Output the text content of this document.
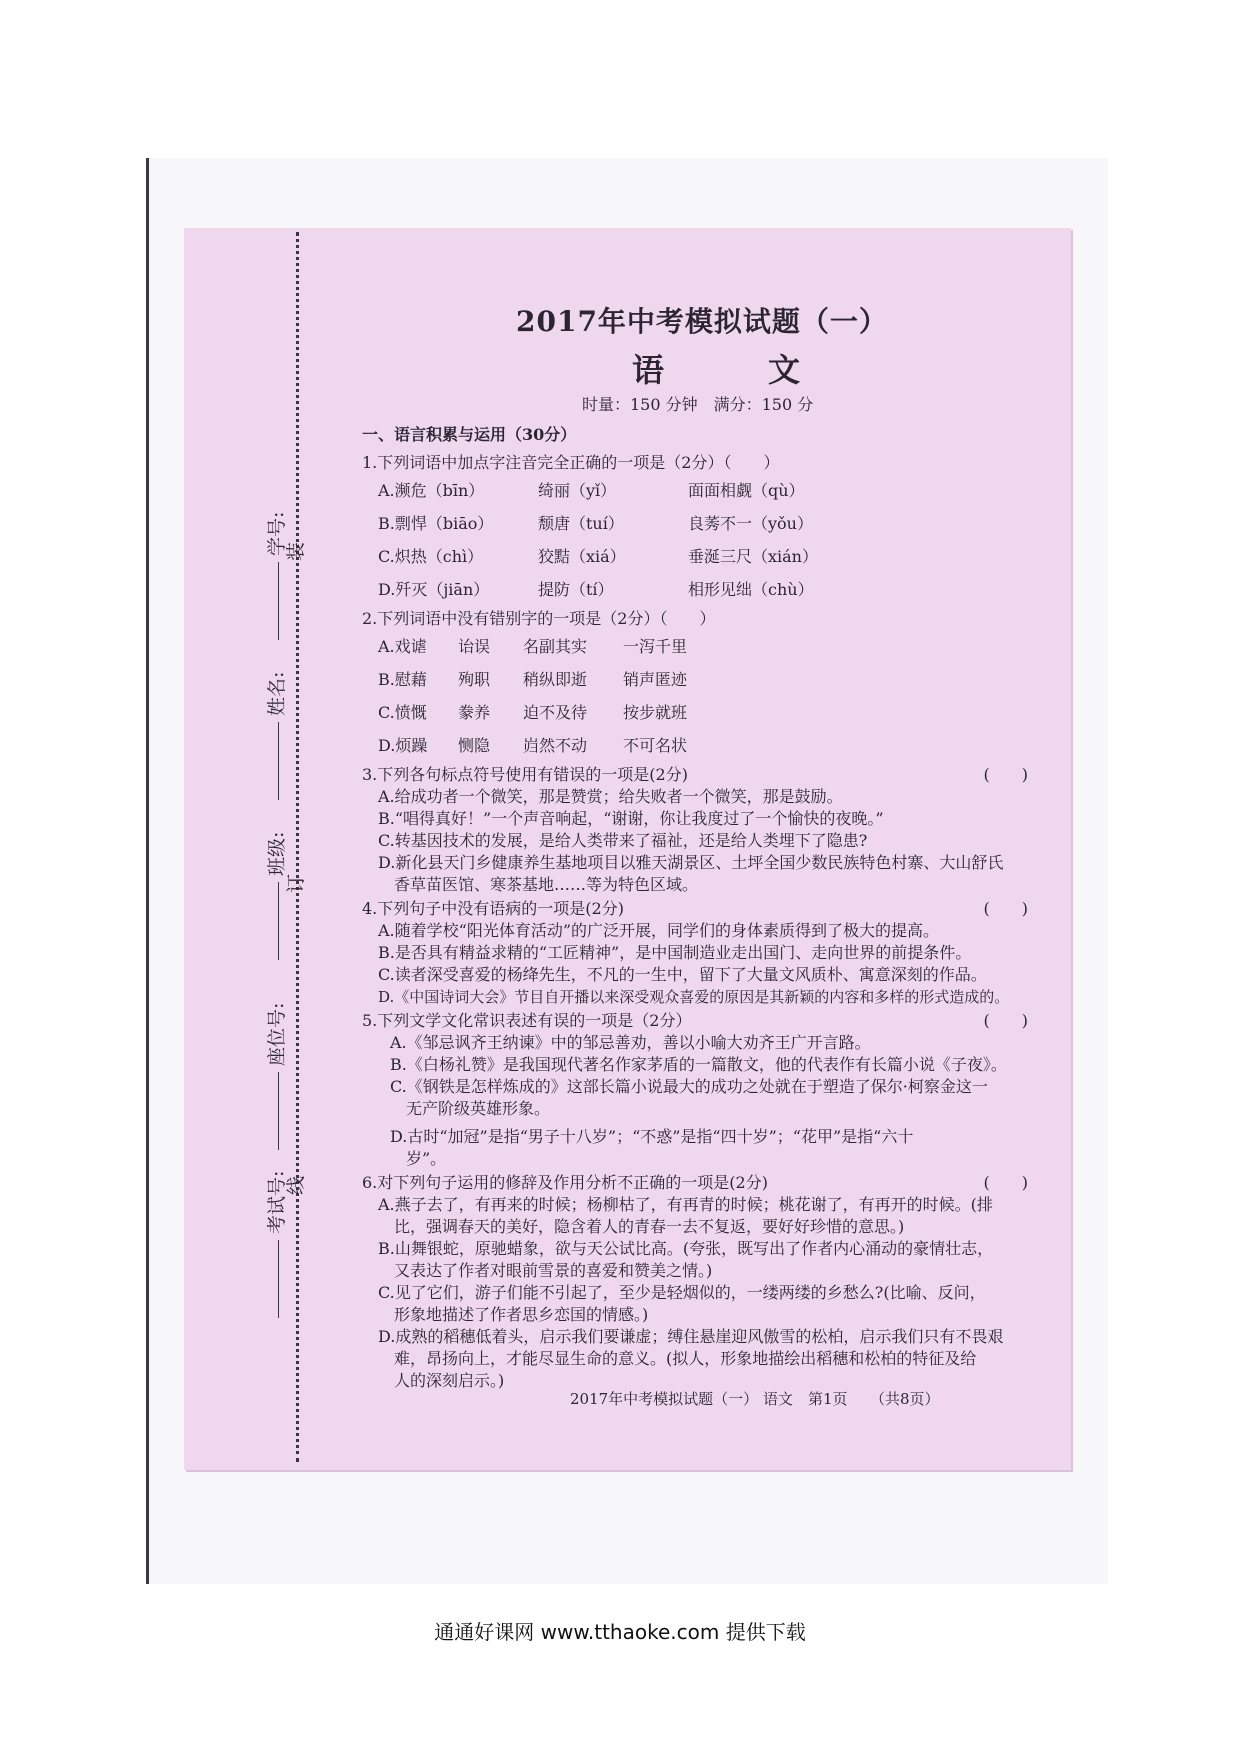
学号:
装
姓名:
订
班级:
座位号:
线
考试号:
2017年中考模拟试题（一）
语　文
时量：150 分钟　满分：150 分
一、语言积累与运用（30分）
1.下列词语中加点字注音完全正确的一项是（2分）（　　）
A.濒危（bīn）	绮丽（yǐ）	面面相觑（qù）
B.剽悍（biāo）	颓唐（tuí）	良莠不一（yǒu）
C.炽热（chì）	狡黠（xiá）	垂涎三尺（xián）
D.歼灭（jiān）	提防（tí）	相形见绌（chù）
2.下列词语中没有错别字的一项是（2分）（　　）
A.戏谑	诒误	名副其实	一泻千里
B.慰藉	殉职	稍纵即逝	销声匿迹
C.愤慨	豢养	迫不及待	按步就班
D.烦躁	恻隐	岿然不动	不可名状
3.下列各句标点符号使用有错误的一项是(2分)	(　　)
A.给成功者一个微笑，那是赞赏；给失败者一个微笑，那是鼓励。
B.“唱得真好！”一个声音响起，“谢谢，你让我度过了一个愉快的夜晚。”
C.转基因技术的发展，是给人类带来了福祉，还是给人类埋下了隐患?
D.新化县天门乡健康养生基地项目以雅天湖景区、土坪全国少数民族特色村寨、大山舒氏
香草苗医馆、寒茶基地……等为特色区域。
4.下列句子中没有语病的一项是(2分)	(　　)
A.随着学校“阳光体育活动”的广泛开展，同学们的身体素质得到了极大的提高。
B.是否具有精益求精的“工匠精神”，是中国制造业走出国门、走向世界的前提条件。
C.读者深受喜爱的杨绛先生，不凡的一生中，留下了大量文风质朴、寓意深刻的作品。
D.《中国诗词大会》节目自开播以来深受观众喜爱的原因是其新颖的内容和多样的形式造成的。
5.下列文学文化常识表述有误的一项是（2分）	(　　)
A.《邹忌讽齐王纳谏》中的邹忌善劝，善以小喻大劝齐王广开言路。
B.《白杨礼赞》是我国现代著名作家茅盾的一篇散文，他的代表作有长篇小说《子夜》。
C.《钢铁是怎样炼成的》这部长篇小说最大的成功之处就在于塑造了保尔·柯察金这一
无产阶级英雄形象。
D.古时“加冠”是指“男子十八岁”；“不惑”是指“四十岁”；“花甲”是指“六十
岁”。
6.对下列句子运用的修辞及作用分析不正确的一项是(2分)	(　　)
A.燕子去了，有再来的时候；杨柳枯了，有再青的时候；桃花谢了，有再开的时候。(排
比，强调春天的美好，隐含着人的青春一去不复返，要好好珍惜的意思。)
B.山舞银蛇，原驰蜡象，欲与天公试比高。(夸张，既写出了作者内心涌动的豪情壮志，
又表达了作者对眼前雪景的喜爱和赞美之情。)
C.见了它们，游子们能不引起了，至少是轻烟似的，一缕两缕的乡愁么?(比喻、反问，
形象地描述了作者思乡恋国的情感。)
D.成熟的稻穗低着头，启示我们要谦虚；缚住悬崖迎风傲雪的松柏，启示我们只有不畏艰
难，昂扬向上，才能尽显生命的意义。(拟人，形象地描绘出稻穗和松柏的特征及给
人的深刻启示。)
2017年中考模拟试题（一） 语文　第1页　　（共8页）
通通好课网 www.tthaoke.com 提供下载
